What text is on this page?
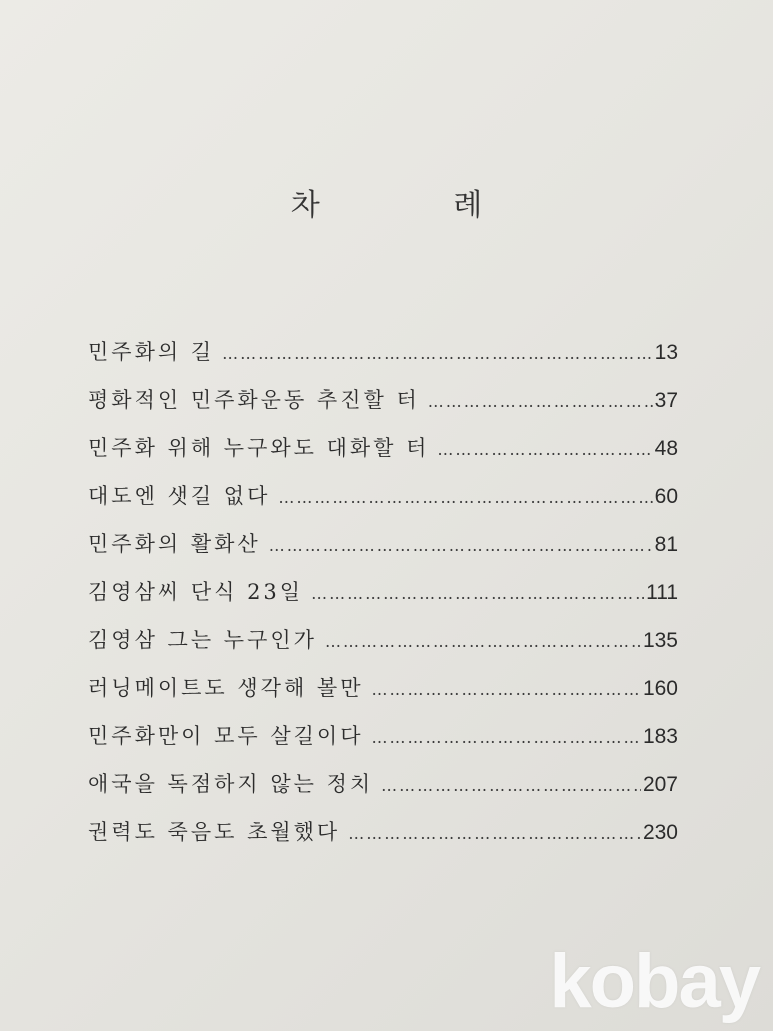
차 례
민주화의 길 ……………………………………………………………………………………………………………………	13
평화적인 민주화운동 추진할 터 ……………………………………………………………………………………………………………………	37
민주화 위해 누구와도 대화할 터 ……………………………………………………………………………………………………………………	48
대도엔 샛길 없다 ……………………………………………………………………………………………………………………	60
민주화의 활화산 ……………………………………………………………………………………………………………………	81
김영삼씨 단식 23일 ……………………………………………………………………………………………………………………	111
김영삼 그는 누구인가 ……………………………………………………………………………………………………………………	135
러닝메이트도 생각해 볼만 ……………………………………………………………………………………………………………………	160
민주화만이 모두 살길이다 ……………………………………………………………………………………………………………………	183
애국을 독점하지 않는 정치 ……………………………………………………………………………………………………………………	207
권력도 죽음도 초월했다 ……………………………………………………………………………………………………………………	230
kobay
